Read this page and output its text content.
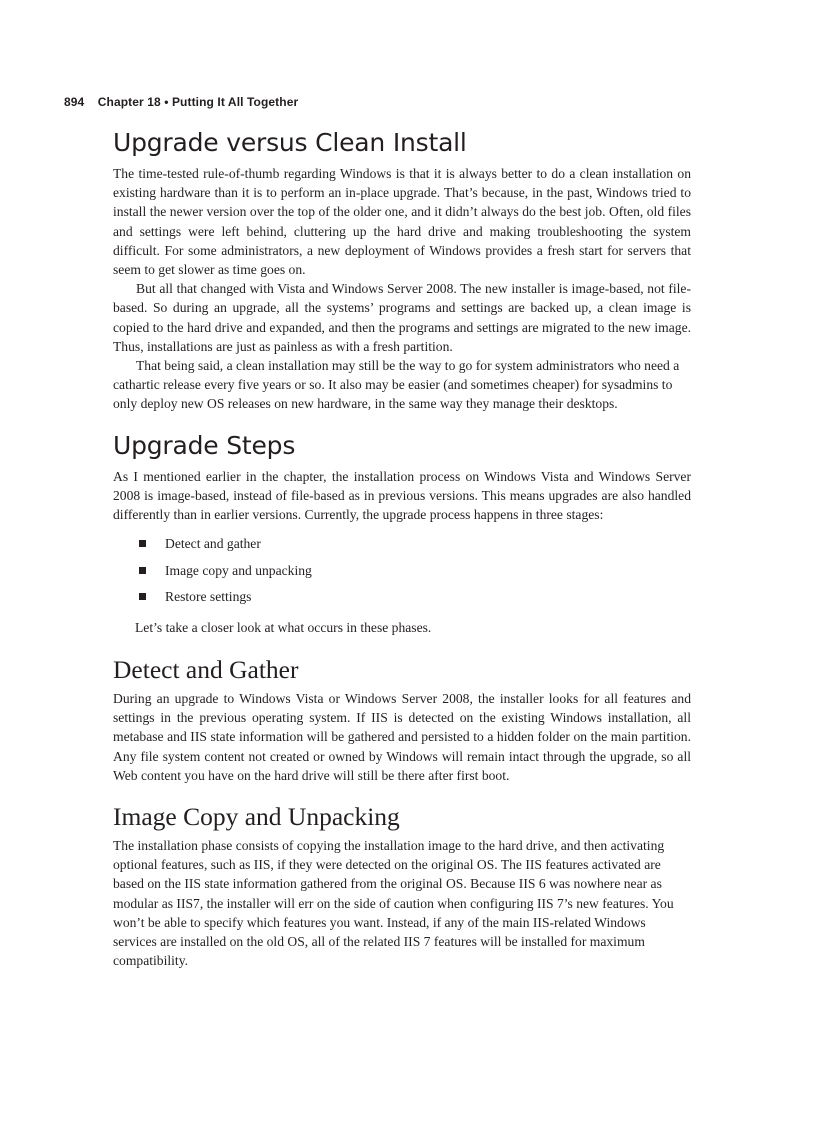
894 Chapter 18 • Putting It All Together
Upgrade versus Clean Install

The time-tested rule-of-thumb regarding Windows is that it is always better to do a clean installation on existing hardware than it is to perform an in-place upgrade. That’s because, in the past, Windows tried to install the newer version over the top of the older one, and it didn’t always do the best job. Often, old files and settings were left behind, cluttering up the hard drive and making troubleshooting the system difficult. For some administrators, a new deployment of Windows provides a fresh start for servers that seem to get slower as time goes on.

But all that changed with Vista and Windows Server 2008. The new installer is image-based, not file-based. So during an upgrade, all the systems’ programs and settings are backed up, a clean image is copied to the hard drive and expanded, and then the programs and settings are migrated to the new image. Thus, installations are just as painless as with a fresh partition.

That being said, a clean installation may still be the way to go for system administrators who need a cathartic release every five years or so. It also may be easier (and sometimes cheaper) for sysadmins to only deploy new OS releases on new hardware, in the same way they manage their desktops.

Upgrade Steps

As I mentioned earlier in the chapter, the installation process on Windows Vista and Windows Server 2008 is image-based, instead of file-based as in previous versions. This means upgrades are also handled differently than in earlier versions. Currently, the upgrade process happens in three stages:

Detect and gather
Image copy and unpacking
Restore settings

Let’s take a closer look at what occurs in these phases.

Detect and Gather

During an upgrade to Windows Vista or Windows Server 2008, the installer looks for all features and settings in the previous operating system. If IIS is detected on the existing Windows installation, all metabase and IIS state information will be gathered and persisted to a hidden folder on the main partition. Any file system content not created or owned by Windows will remain intact through the upgrade, so all Web content you have on the hard drive will still be there after first boot.

Image Copy and Unpacking

The installation phase consists of copying the installation image to the hard drive, and then activating optional features, such as IIS, if they were detected on the original OS. The IIS features activated are based on the IIS state information gathered from the original OS. Because IIS 6 was nowhere near as modular as IIS7, the installer will err on the side of caution when configuring IIS 7’s new features. You won’t be able to specify which features you want. Instead, if any of the main IIS-related Windows services are installed on the old OS, all of the related IIS 7 features will be installed for maximum compatibility.
